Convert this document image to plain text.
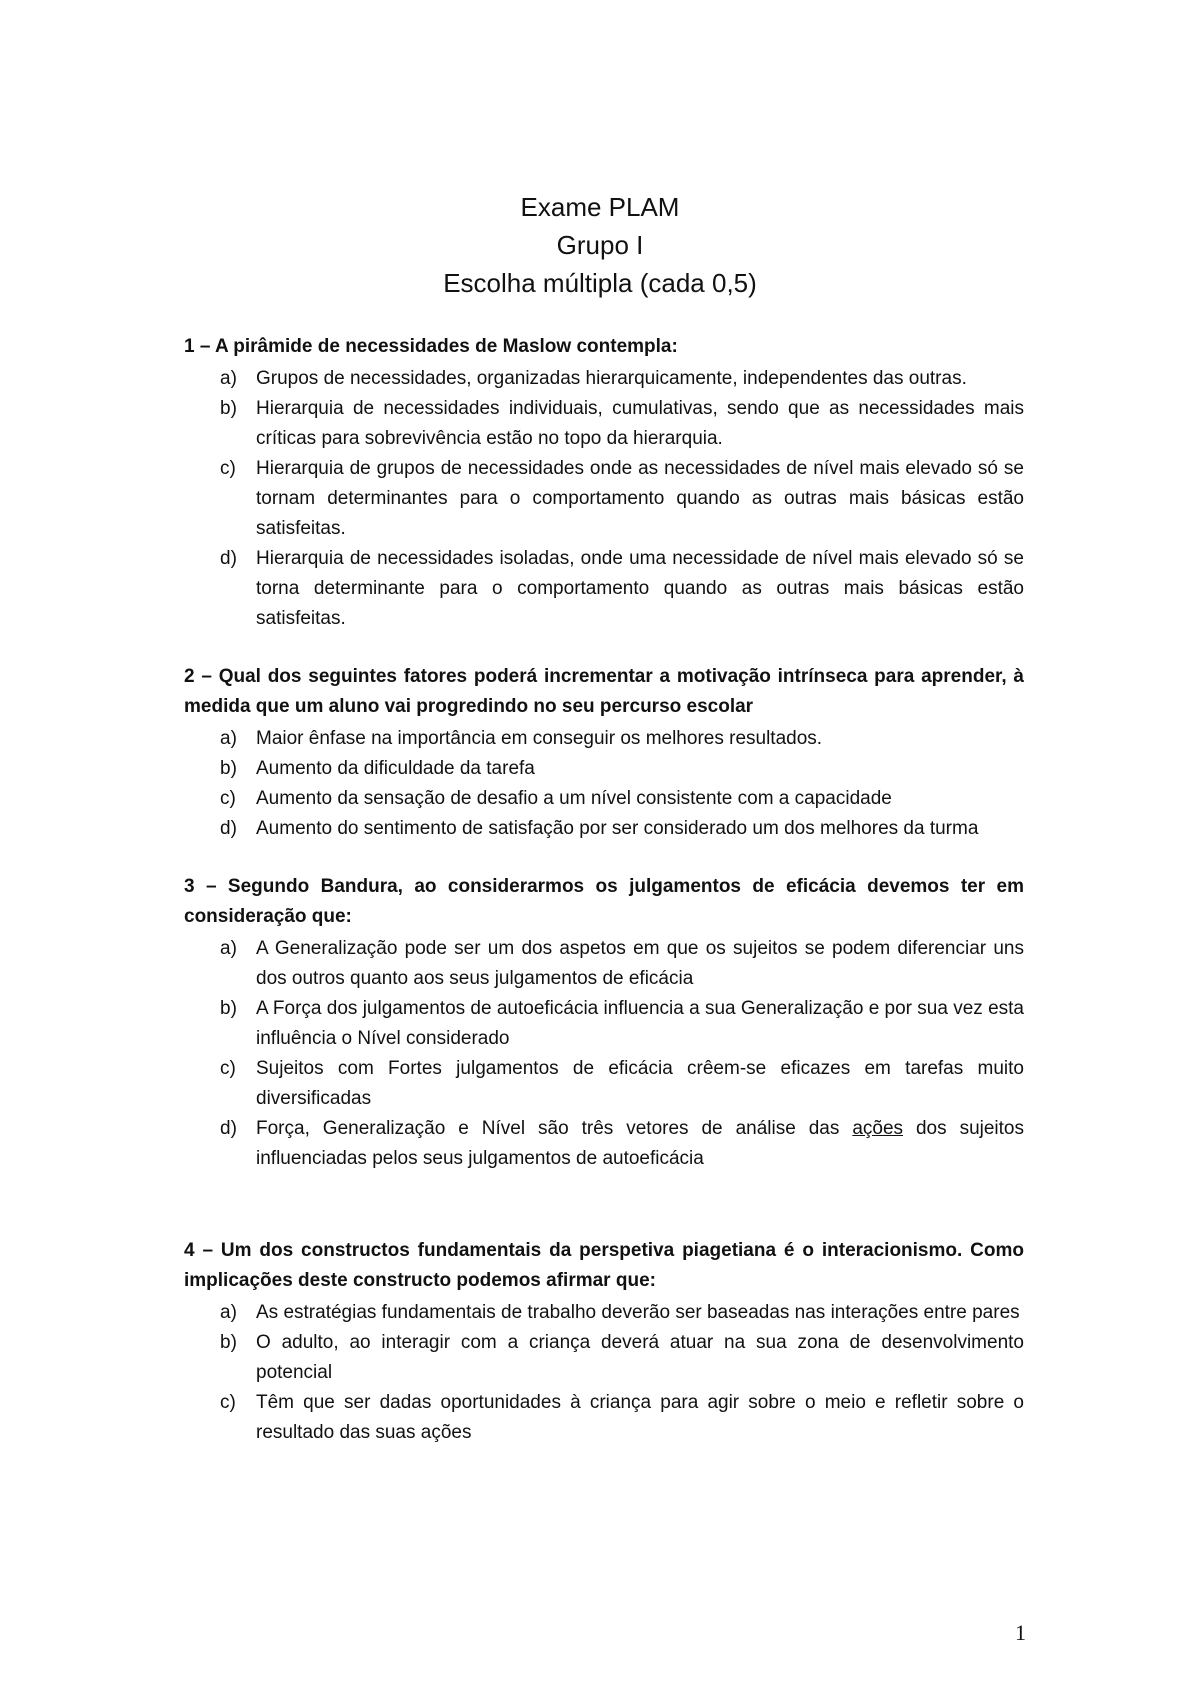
Exame PLAM
Grupo I
Escolha múltipla (cada 0,5)
1 – A pirâmide de necessidades de Maslow contempla:
a) Grupos de necessidades, organizadas hierarquicamente, independentes das outras.
b) Hierarquia de necessidades individuais, cumulativas, sendo que as necessidades mais críticas para sobrevivência estão no topo da hierarquia.
c) Hierarquia de grupos de necessidades onde as necessidades de nível mais elevado só se tornam determinantes para o comportamento quando as outras mais básicas estão satisfeitas.
d) Hierarquia de necessidades isoladas, onde uma necessidade de nível mais elevado só se torna determinante para o comportamento quando as outras mais básicas estão satisfeitas.
2 – Qual dos seguintes fatores poderá incrementar a motivação intrínseca para aprender, à medida que um aluno vai progredindo no seu percurso escolar
a) Maior ênfase na importância em conseguir os melhores resultados.
b) Aumento da dificuldade da tarefa
c) Aumento da sensação de desafio a um nível consistente com a capacidade
d) Aumento do sentimento de satisfação por ser considerado um dos melhores da turma
3 – Segundo Bandura, ao considerarmos os julgamentos de eficácia devemos ter em consideração que:
a) A Generalização pode ser um dos aspetos em que os sujeitos se podem diferenciar uns dos outros quanto aos seus julgamentos de eficácia
b) A Força dos julgamentos de autoeficácia influencia a sua Generalização e por sua vez esta influência o Nível considerado
c) Sujeitos com Fortes julgamentos de eficácia crêem-se eficazes em tarefas muito diversificadas
d) Força, Generalização e Nível são três vetores de análise das ações dos sujeitos influenciadas pelos seus julgamentos de autoeficácia
4 – Um dos constructos fundamentais da perspetiva piagetiana é o interacionismo. Como implicações deste constructo podemos afirmar que:
a) As estratégias fundamentais de trabalho deverão ser baseadas nas interações entre pares
b) O adulto, ao interagir com a criança deverá atuar na sua zona de desenvolvimento potencial
c) Têm que ser dadas oportunidades à criança para agir sobre o meio e refletir sobre o resultado das suas ações
1
